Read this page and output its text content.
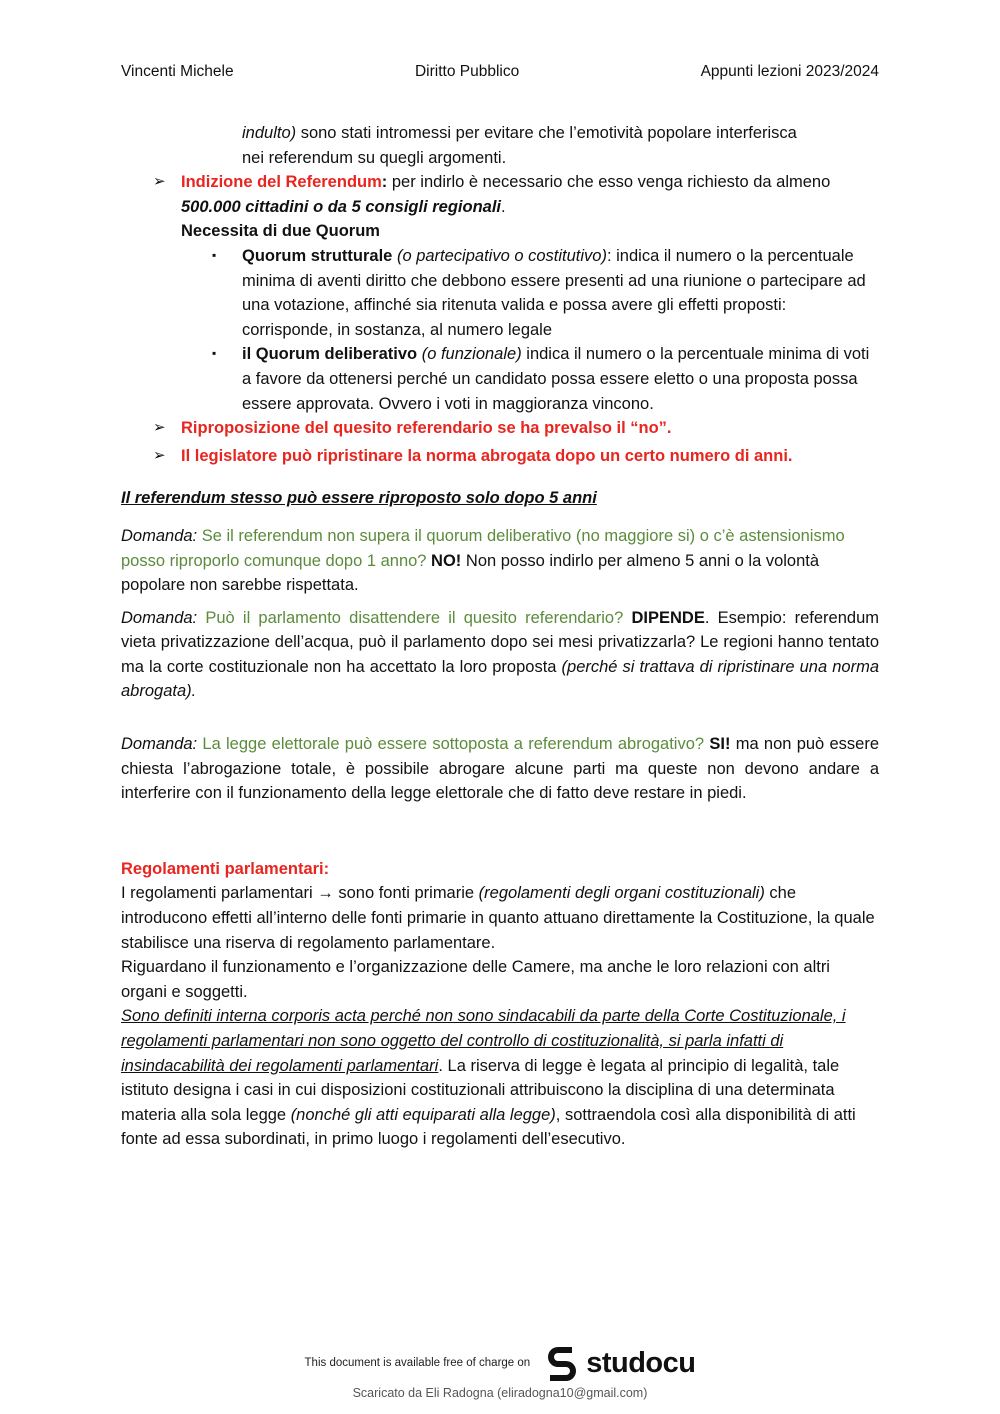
Vincenti Michele	Diritto Pubblico	Appunti lezioni 2023/2024

indulto) sono stati intromessi per evitare che l’emotività popolare interferisca
nei referendum su quegli argomenti.

➢ Indizione del Referendum: per indirlo è necessario che esso venga richiesto da almeno 500.000 cittadini o da 5 consigli regionali.

Necessita di due Quorum

▪ Quorum strutturale (o partecipativo o costitutivo): indica il numero o la percentuale minima di aventi diritto che debbono essere presenti ad una riunione o partecipare ad una votazione, affinché sia ritenuta valida e possa avere gli effetti proposti: corrisponde, in sostanza, al numero legale

▪ il Quorum deliberativo (o funzionale) indica il numero o la percentuale minima di voti a favore da ottenersi perché un candidato possa essere eletto o una proposta possa essere approvata. Ovvero i voti in maggioranza vincono.

➢ Riproposizione del quesito referendario se ha prevalso il “no”.

➢ Il legislatore può ripristinare la norma abrogata dopo un certo numero di anni.

Il referendum stesso può essere riproposto solo dopo 5 anni

Domanda: Se il referendum non supera il quorum deliberativo (no maggiore si) o c’è astensionismo posso riproporlo comunque dopo 1 anno? NO! Non posso indirlo per almeno 5 anni o la volontà popolare non sarebbe rispettata.

Domanda: Può il parlamento disattendere il quesito referendario? DIPENDE. Esempio: referendum vieta privatizzazione dell’acqua, può il parlamento dopo sei mesi privatizzarla? Le regioni hanno tentato ma la corte costituzionale non ha accettato la loro proposta (perché si trattava di ripristinare una norma abrogata).

Domanda: La legge elettorale può essere sottoposta a referendum abrogativo? SI! ma non può essere chiesta l’abrogazione totale, è possibile abrogare alcune parti ma queste non devono andare a interferire con il funzionamento della legge elettorale che di fatto deve restare in piedi.

Regolamenti parlamentari:

I regolamenti parlamentari → sono fonti primarie (regolamenti degli organi costituzionali) che introducono effetti all’interno delle fonti primarie in quanto attuano direttamente la Costituzione, la quale stabilisce una riserva di regolamento parlamentare.

Riguardano il funzionamento e l’organizzazione delle Camere, ma anche le loro relazioni con altri organi e soggetti.

Sono definiti interna corporis acta perché non sono sindacabili da parte della Corte Costituzionale, i regolamenti parlamentari non sono oggetto del controllo di costituzionalità, si parla infatti di insindacabilità dei regolamenti parlamentari. La riserva di legge è legata al principio di legalità, tale istituto designa i casi in cui disposizioni costituzionali attribuiscono la disciplina di una determinata materia alla sola legge (nonché gli atti equiparati alla legge), sottraendola così alla disponibilità di atti fonte ad essa subordinati, in primo luogo i regolamenti dell’esecutivo.

This document is available free of charge on studocu
Scaricato da Eli Radogna (eliradogna10@gmail.com)
